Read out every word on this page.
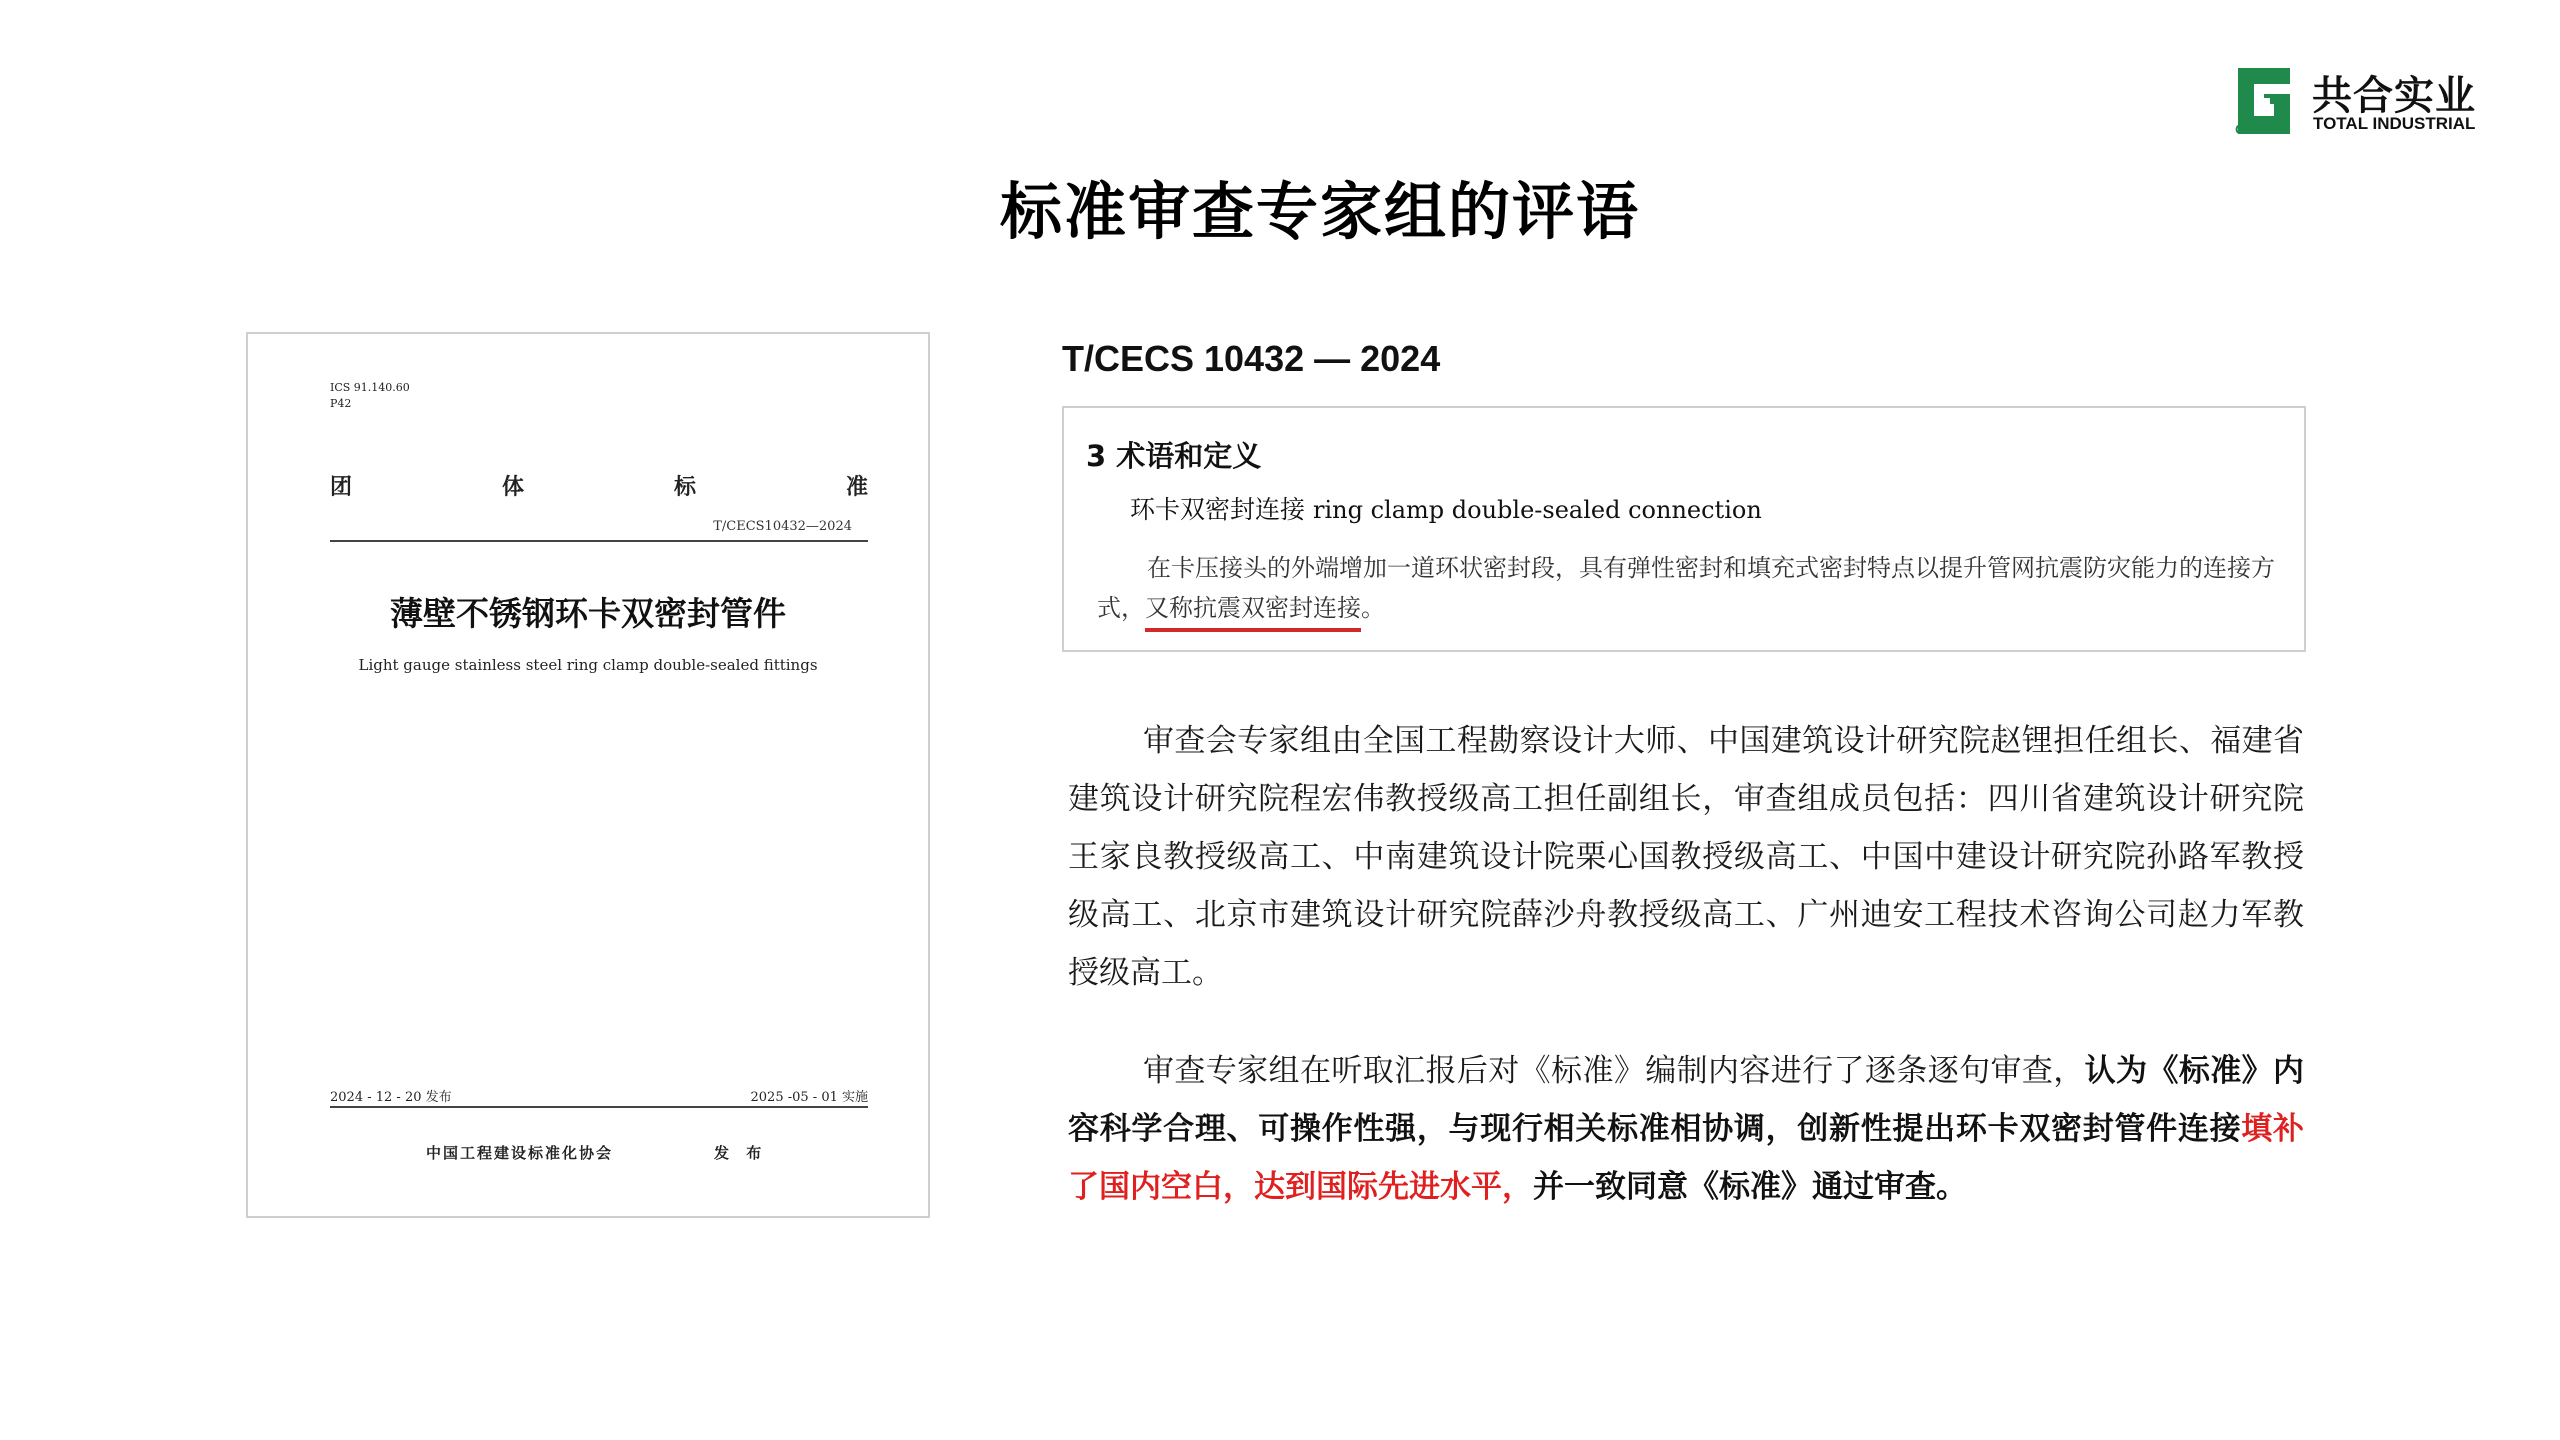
Gohe
共合实业
TOTAL INDUSTRIAL
标准审查专家组的评语
ICS 91.140.60
P42
团	体	标	准
T/CECS10432—2024
薄壁不锈钢环卡双密封管件
Light gauge stainless steel ring clamp double-sealed fittings
2024 - 12 - 20 发布	2025 -05 - 01 实施
中国工程建设标准化协会	发 布
T/CECS 10432 — 2024
3 术语和定义
环卡双密封连接 ring clamp double-sealed connection
在卡压接头的外端增加一道环状密封段，具有弹性密封和填充式密封特点以提升管网抗震防灾能力的连接方式，又称抗震双密封连接。
审查会专家组由全国工程勘察设计大师、中国建筑设计研究院赵锂担任组长、福建省建筑设计研究院程宏伟教授级高工担任副组长，审查组成员包括：四川省建筑设计研究院王家良教授级高工、中南建筑设计院栗心国教授级高工、中国中建设计研究院孙路军教授级高工、北京市建筑设计研究院薛沙舟教授级高工、广州迪安工程技术咨询公司赵力军教授级高工。
审查专家组在听取汇报后对《标准》编制内容进行了逐条逐句审查，认为《标准》内容科学合理、可操作性强，与现行相关标准相协调，创新性提出环卡双密封管件连接填补了国内空白，达到国际先进水平，并一致同意《标准》通过审查。
